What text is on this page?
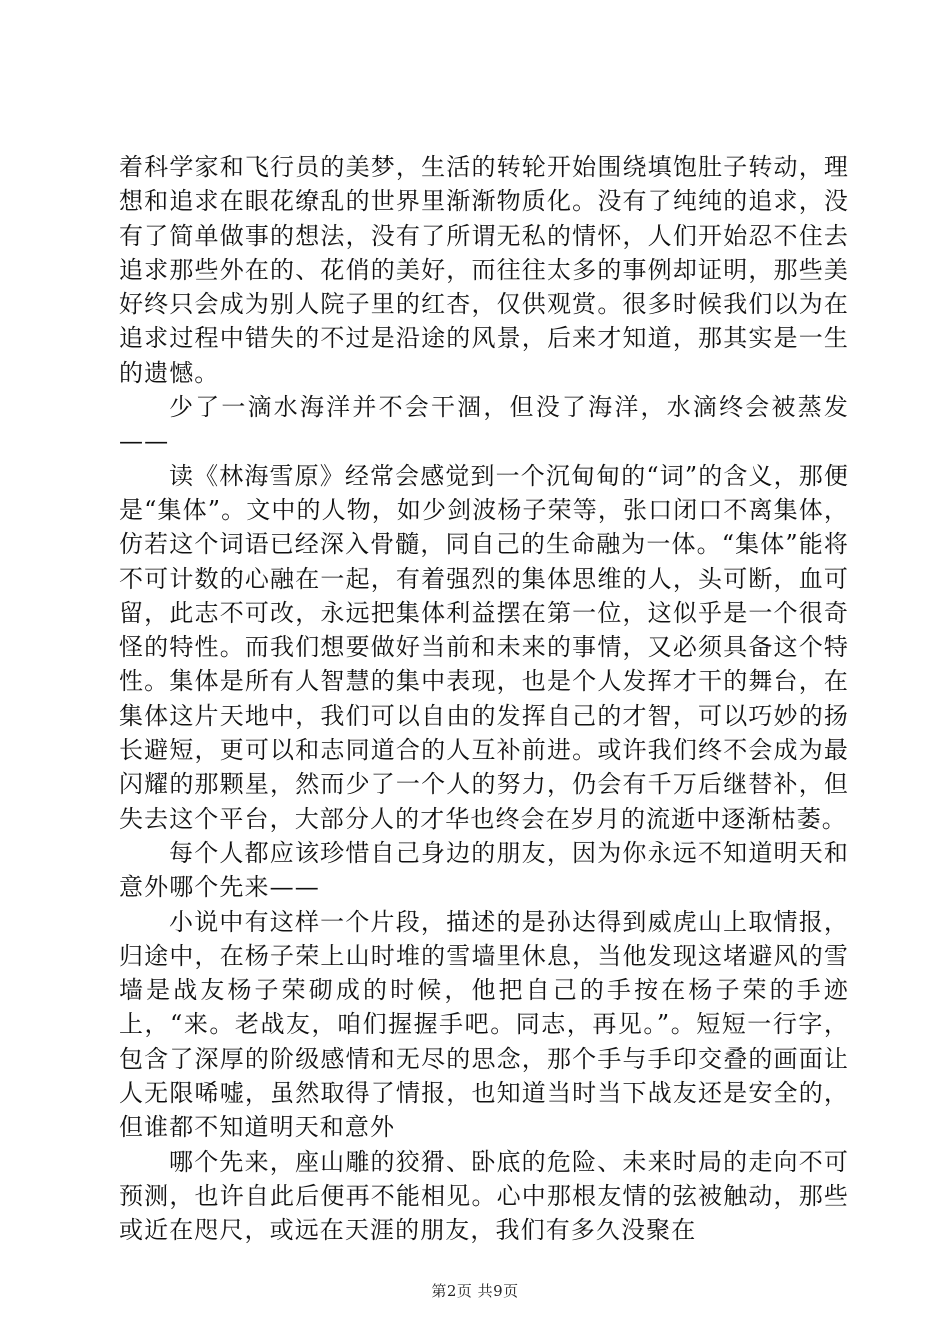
着科学家和飞行员的美梦，生活的转轮开始围绕填饱肚子转动，理想和追求在眼花缭乱的世界里渐渐物质化。没有了纯纯的追求，没有了简单做事的想法，没有了所谓无私的情怀，人们开始忍不住去追求那些外在的、花俏的美好，而往往太多的事例却证明，那些美好终只会成为别人院子里的红杏，仅供观赏。很多时候我们以为在追求过程中错失的不过是沿途的风景，后来才知道，那其实是一生的遗憾。

少了一滴水海洋并不会干涸，但没了海洋，水滴终会被蒸发——

读《林海雪原》经常会感觉到一个沉甸甸的“词”的含义，那便是“集体”。文中的人物，如少剑波杨子荣等，张口闭口不离集体，仿若这个词语已经深入骨髓，同自己的生命融为一体。“集体”能将不可计数的心融在一起，有着强烈的集体思维的人，头可断，血可留，此志不可改，永远把集体利益摆在第一位，这似乎是一个很奇怪的特性。而我们想要做好当前和未来的事情，又必须具备这个特性。集体是所有人智慧的集中表现，也是个人发挥才干的舞台，在集体这片天地中，我们可以自由的发挥自己的才智，可以巧妙的扬长避短，更可以和志同道合的人互补前进。或许我们终不会成为最闪耀的那颗星，然而少了一个人的努力，仍会有千万后继替补，但失去这个平台，大部分人的才华也终会在岁月的流逝中逐渐枯萎。

每个人都应该珍惜自己身边的朋友，因为你永远不知道明天和意外哪个先来——

小说中有这样一个片段，描述的是孙达得到威虎山上取情报，归途中，在杨子荣上山时堆的雪墙里休息，当他发现这堵避风的雪墙是战友杨子荣砌成的时候，他把自己的手按在杨子荣的手迹上，“来。老战友，咱们握握手吧。同志，再见。”。短短一行字，包含了深厚的阶级感情和无尽的思念，那个手与手印交叠的画面让人无限唏嘘，虽然取得了情报，也知道当时当下战友还是安全的，但谁都不知道明天和意外

哪个先来，座山雕的狡猾、卧底的危险、未来时局的走向不可预测，也许自此后便再不能相见。心中那根友情的弦被触动，那些或近在咫尺，或远在天涯的朋友，我们有多久没聚在

第2页 共9页
